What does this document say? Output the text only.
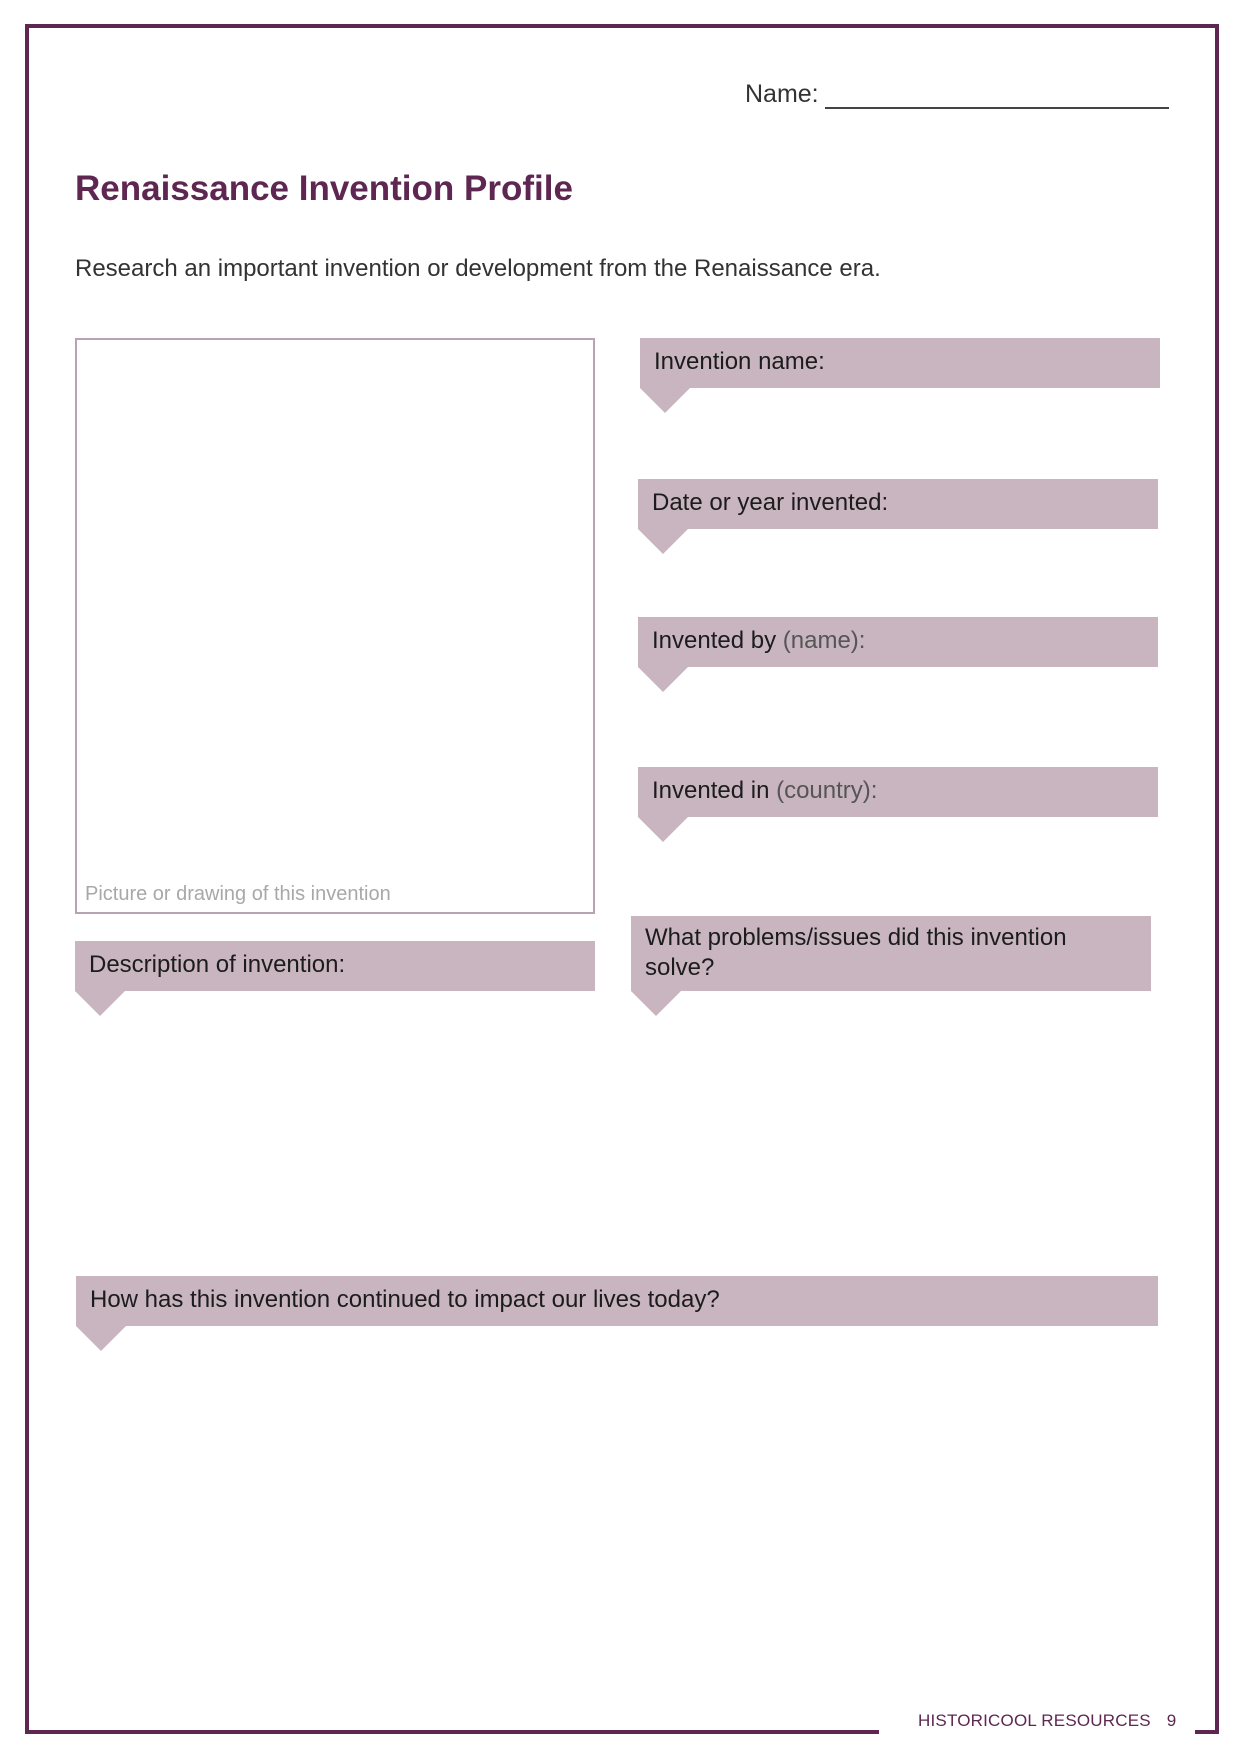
Name:
Renaissance Invention Profile
Research an important invention or development from the Renaissance era.
Picture or drawing of this invention
Invention name:
Date or year invented:
Invented by (name):
Invented in (country):
Description of invention:
What problems/issues did this invention solve?
How has this invention continued to impact our lives today?
HISTORICOOL RESOURCES 9
